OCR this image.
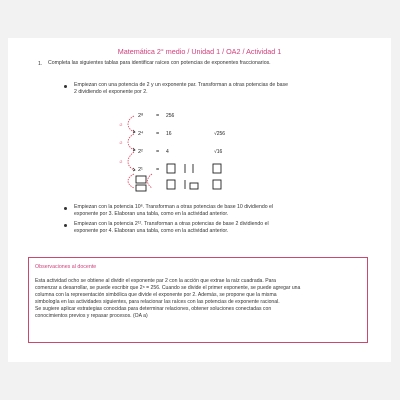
Matemática 2° medio / Unidad 1 / OA2 / Actividad 1
1. Completa las siguientes tablas para identificar raíces con potencias de exponentes fraccionarios.
Empiezan con una potencia de 2 y un exponente par. Transforman a otras potencias de base
2 dividiendo el exponente por 2.
:2
:2
:2
2⁸
2⁴
2²
2¹
=
=
=
=
256
16
4
√256
√16
Empiezan con la potencia 10⁶. Transforman a otras potencias de base 10 dividiendo el
exponente por 3. Elaboran una tabla, como en la actividad anterior.
Empiezan con la potencia 2¹². Transforman a otras potencias de base 2 dividiendo el
exponente por 4. Elaboran una tabla, como en la actividad anterior.
Observaciones al docente
Esta actividad ocho se obtiene al dividir el exponente par 2 con la acción que extrae la raíz cuadrada. Para
comenzar a desarrollar, se puede escribir que 2⁸ = 256. Cuando se divide el primer exponente, se puede agregar una
columna con la representación simbólica que divide el exponente por 2. Además, se propone que la misma
simbología en las actividades siguientes, para relacionar las raíces con las potencias de exponente racional.
Se sugiere aplicar estrategias conocidas para determinar relaciones, obtener soluciones conectadas con
conocimientos previos y repasar procesos. (OA a)
